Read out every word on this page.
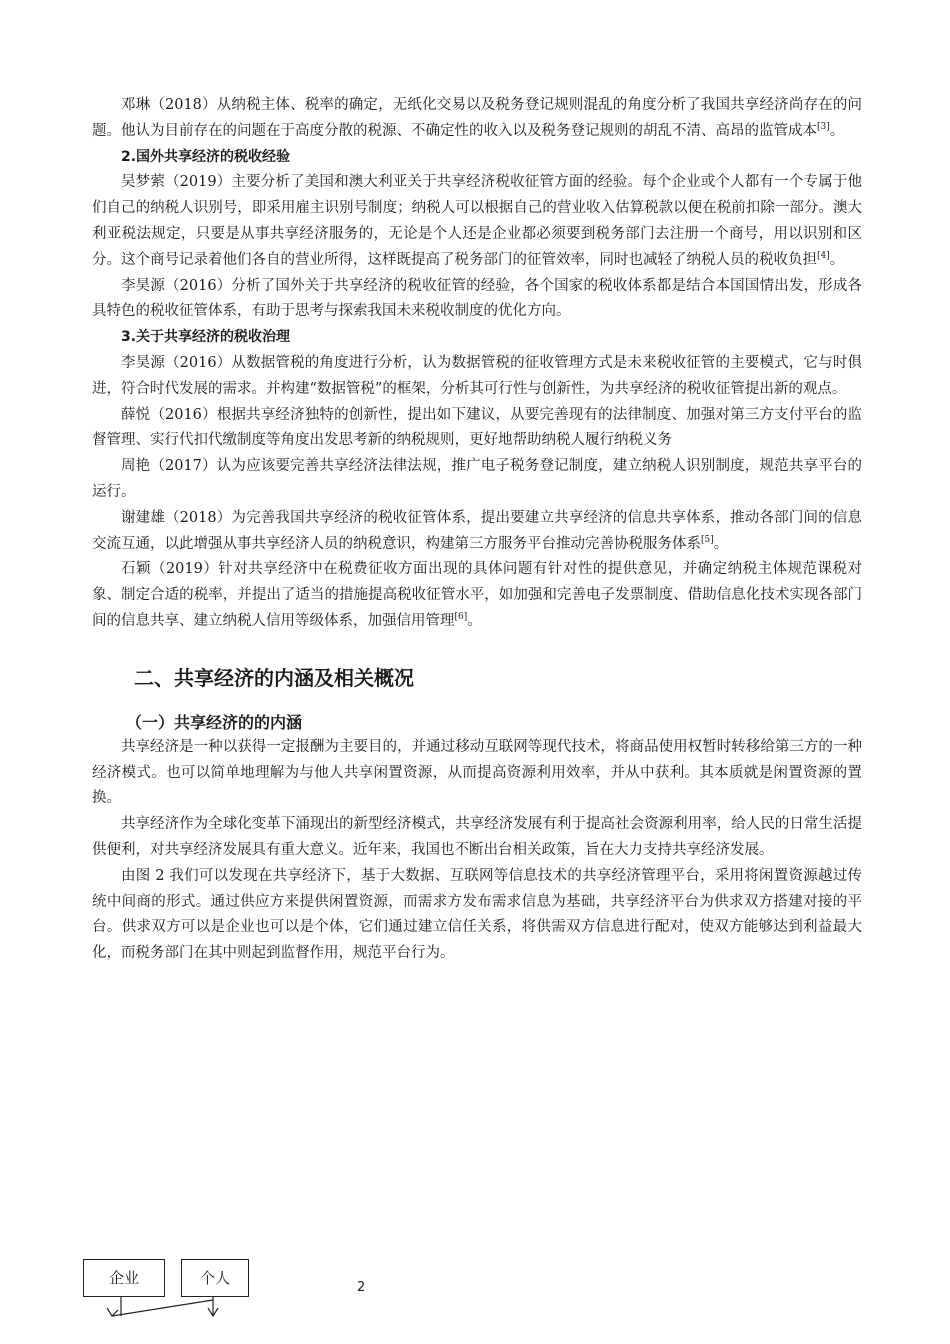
邓琳（2018）从纳税主体、税率的确定，无纸化交易以及税务登记规则混乱的角度分析了我国共享经济尚存在的问题。他认为目前存在的问题在于高度分散的税源、不确定性的收入以及税务登记规则的胡乱不清、高昂的监管成本[3]。

2.国外共享经济的税收经验

吴梦萦（2019）主要分析了美国和澳大利亚关于共享经济税收征管方面的经验。每个企业或个人都有一个专属于他们自己的纳税人识别号，即采用雇主识别号制度；纳税人可以根据自己的营业收入估算税款以便在税前扣除一部分。澳大利亚税法规定，只要是从事共享经济服务的，无论是个人还是企业都必须要到税务部门去注册一个商号，用以识别和区分。这个商号记录着他们各自的营业所得，这样既提高了税务部门的征管效率，同时也减轻了纳税人员的税收负担[4]。

李昊源（2016）分析了国外关于共享经济的税收征管的经验，各个国家的税收体系都是结合本国国情出发，形成各具特色的税收征管体系，有助于思考与探索我国未来税收制度的优化方向。

3.关于共享经济的税收治理

李昊源（2016）从数据管税的角度进行分析，认为数据管税的征收管理方式是未来税收征管的主要模式，它与时俱进，符合时代发展的需求。并构建“数据管税”的框架，分析其可行性与创新性，为共享经济的税收征管提出新的观点。

薛悦（2016）根据共享经济独特的创新性，提出如下建议，从要完善现有的法律制度、加强对第三方支付平台的监督管理、实行代扣代缴制度等角度出发思考新的纳税规则，更好地帮助纳税人履行纳税义务

周艳（2017）认为应该要完善共享经济法律法规，推广电子税务登记制度，建立纳税人识别制度，规范共享平台的运行。

谢建雄（2018）为完善我国共享经济的税收征管体系，提出要建立共享经济的信息共享体系，推动各部门间的信息交流互通，以此增强从事共享经济人员的纳税意识，构建第三方服务平台推动完善协税服务体系[5]。

石颖（2019）针对共享经济中在税费征收方面出现的具体问题有针对性的提供意见，并确定纳税主体规范课税对象、制定合适的税率，并提出了适当的措施提高税收征管水平，如加强和完善电子发票制度、借助信息化技术实现各部门间的信息共享、建立纳税人信用等级体系，加强信用管理[6]。

二、共享经济的内涵及相关概况

（一）共享经济的的内涵

共享经济是一种以获得一定报酬为主要目的，并通过移动互联网等现代技术，将商品使用权暂时转移给第三方的一种经济模式。也可以简单地理解为与他人共享闲置资源，从而提高资源利用效率，并从中获利。其本质就是闲置资源的置换。

共享经济作为全球化变革下涌现出的新型经济模式，共享经济发展有利于提高社会资源利用率，给人民的日常生活提供便利，对共享经济发展具有重大意义。近年来，我国也不断出台相关政策，旨在大力支持共享经济发展。

由图 2 我们可以发现在共享经济下，基于大数据、互联网等信息技术的共享经济管理平台，采用将闲置资源越过传统中间商的形式。通过供应方来提供闲置资源，而需求方发布需求信息为基础，共享经济平台为供求双方搭建对接的平台。供求双方可以是企业也可以是个体，它们通过建立信任关系，将供需双方信息进行配对，使双方能够达到利益最大化，而税务部门在其中则起到监督作用，规范平台行为。

企业	个人
2
